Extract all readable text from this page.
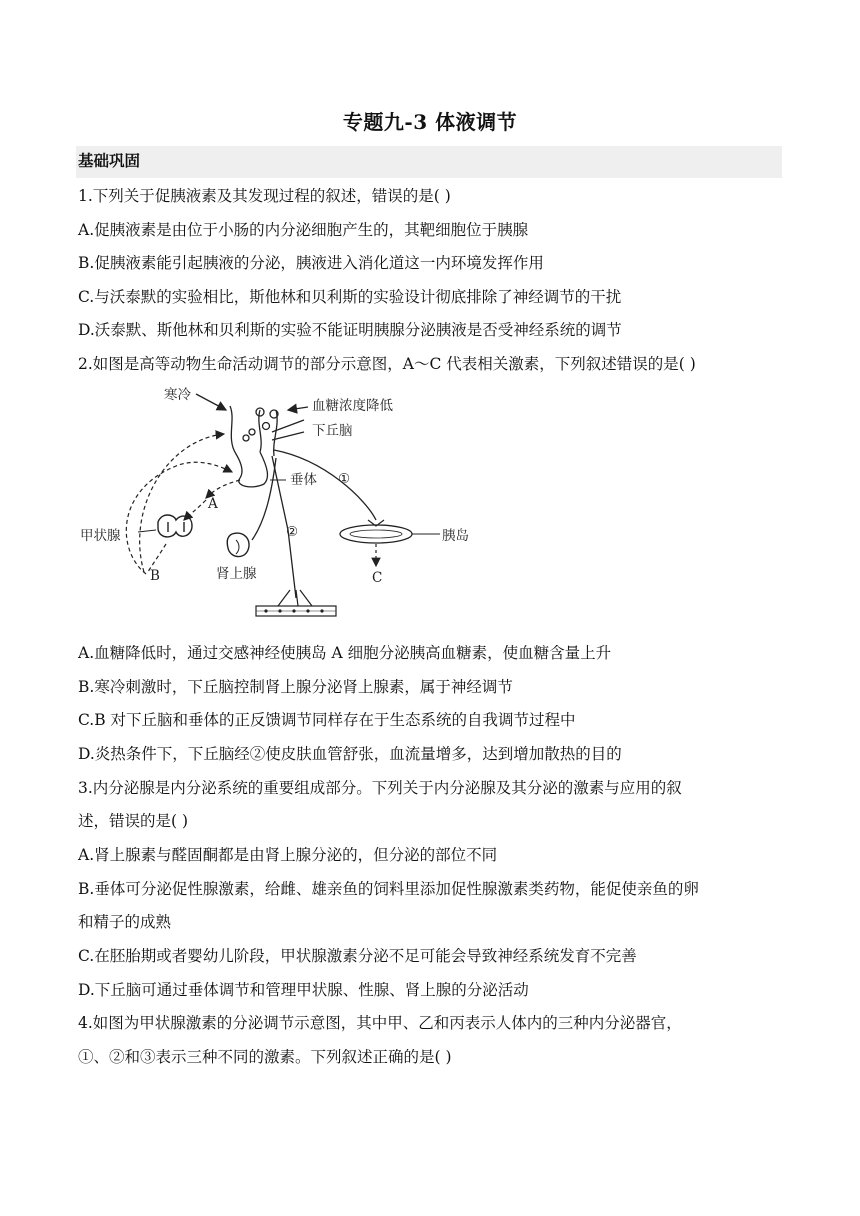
专题九-3 体液调节
基础巩固
1.下列关于促胰液素及其发现过程的叙述，错误的是( )
A.促胰液素是由位于小肠的内分泌细胞产生的，其靶细胞位于胰腺
B.促胰液素能引起胰液的分泌，胰液进入消化道这一内环境发挥作用
C.与沃泰默的实验相比，斯他林和贝利斯的实验设计彻底排除了神经调节的干扰
D.沃泰默、斯他林和贝利斯的实验不能证明胰腺分泌胰液是否受神经系统的调节
2.如图是高等动物生命活动调节的部分示意图，A～C 代表相关激素，下列叙述错误的是( )
寒冷
血糖浓度降低
下丘脑
垂体
甲状腺
肾上腺
胰岛
A
B	C
①
②
A.血糖降低时，通过交感神经使胰岛 A 细胞分泌胰高血糖素，使血糖含量上升
B.寒冷刺激时，下丘脑控制肾上腺分泌肾上腺素，属于神经调节
C.B 对下丘脑和垂体的正反馈调节同样存在于生态系统的自我调节过程中
D.炎热条件下，下丘脑经②使皮肤血管舒张，血流量增多，达到增加散热的目的
3.内分泌腺是内分泌系统的重要组成部分。下列关于内分泌腺及其分泌的激素与应用的叙
述，错误的是( )
A.肾上腺素与醛固酮都是由肾上腺分泌的，但分泌的部位不同
B.垂体可分泌促性腺激素，给雌、雄亲鱼的饲料里添加促性腺激素类药物，能促使亲鱼的卵
和精子的成熟
C.在胚胎期或者婴幼儿阶段，甲状腺激素分泌不足可能会导致神经系统发育不完善
D.下丘脑可通过垂体调节和管理甲状腺、性腺、肾上腺的分泌活动
4.如图为甲状腺激素的分泌调节示意图，其中甲、乙和丙表示人体内的三种内分泌器官，
①、②和③表示三种不同的激素。下列叙述正确的是( )
